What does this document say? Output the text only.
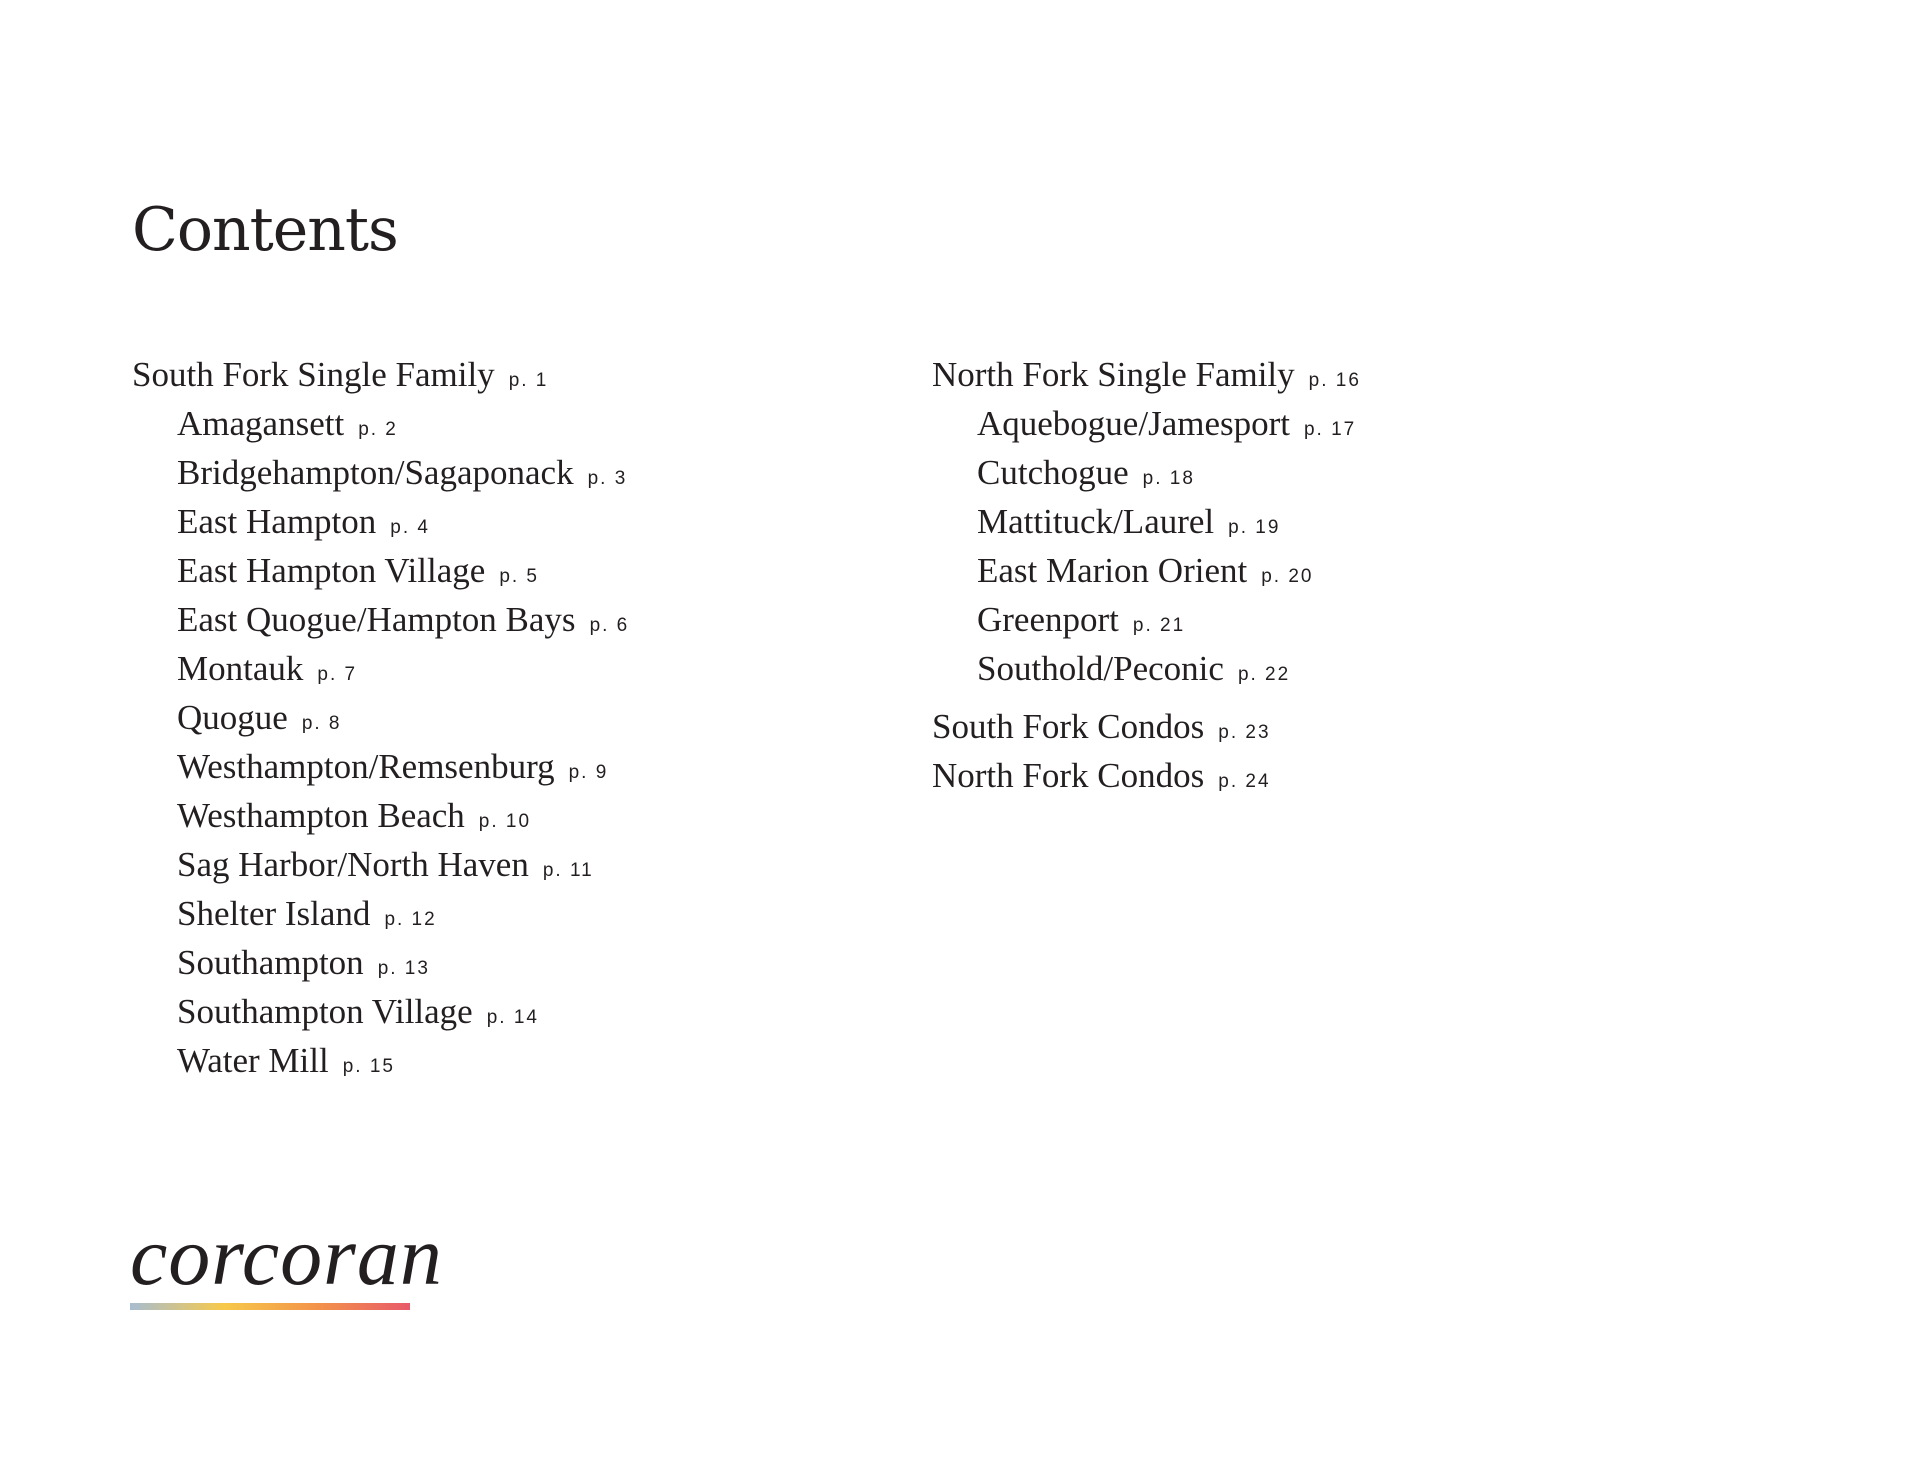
Contents
South Fork Single Family p. 1
Amagansett p. 2
Bridgehampton/Sagaponack p. 3
East Hampton p. 4
East Hampton Village p. 5
East Quogue/Hampton Bays p. 6
Montauk p. 7
Quogue p. 8
Westhampton/Remsenburg p. 9
Westhampton Beach p. 10
Sag Harbor/North Haven p. 11
Shelter Island p. 12
Southampton p. 13
Southampton Village p. 14
Water Mill p. 15
North Fork Single Family p. 16
Aquebogue/Jamesport p. 17
Cutchogue p. 18
Mattituck/Laurel p. 19
East Marion Orient p. 20
Greenport p. 21
Southold/Peconic p. 22
South Fork Condos p. 23
North Fork Condos p. 24
corcoran
